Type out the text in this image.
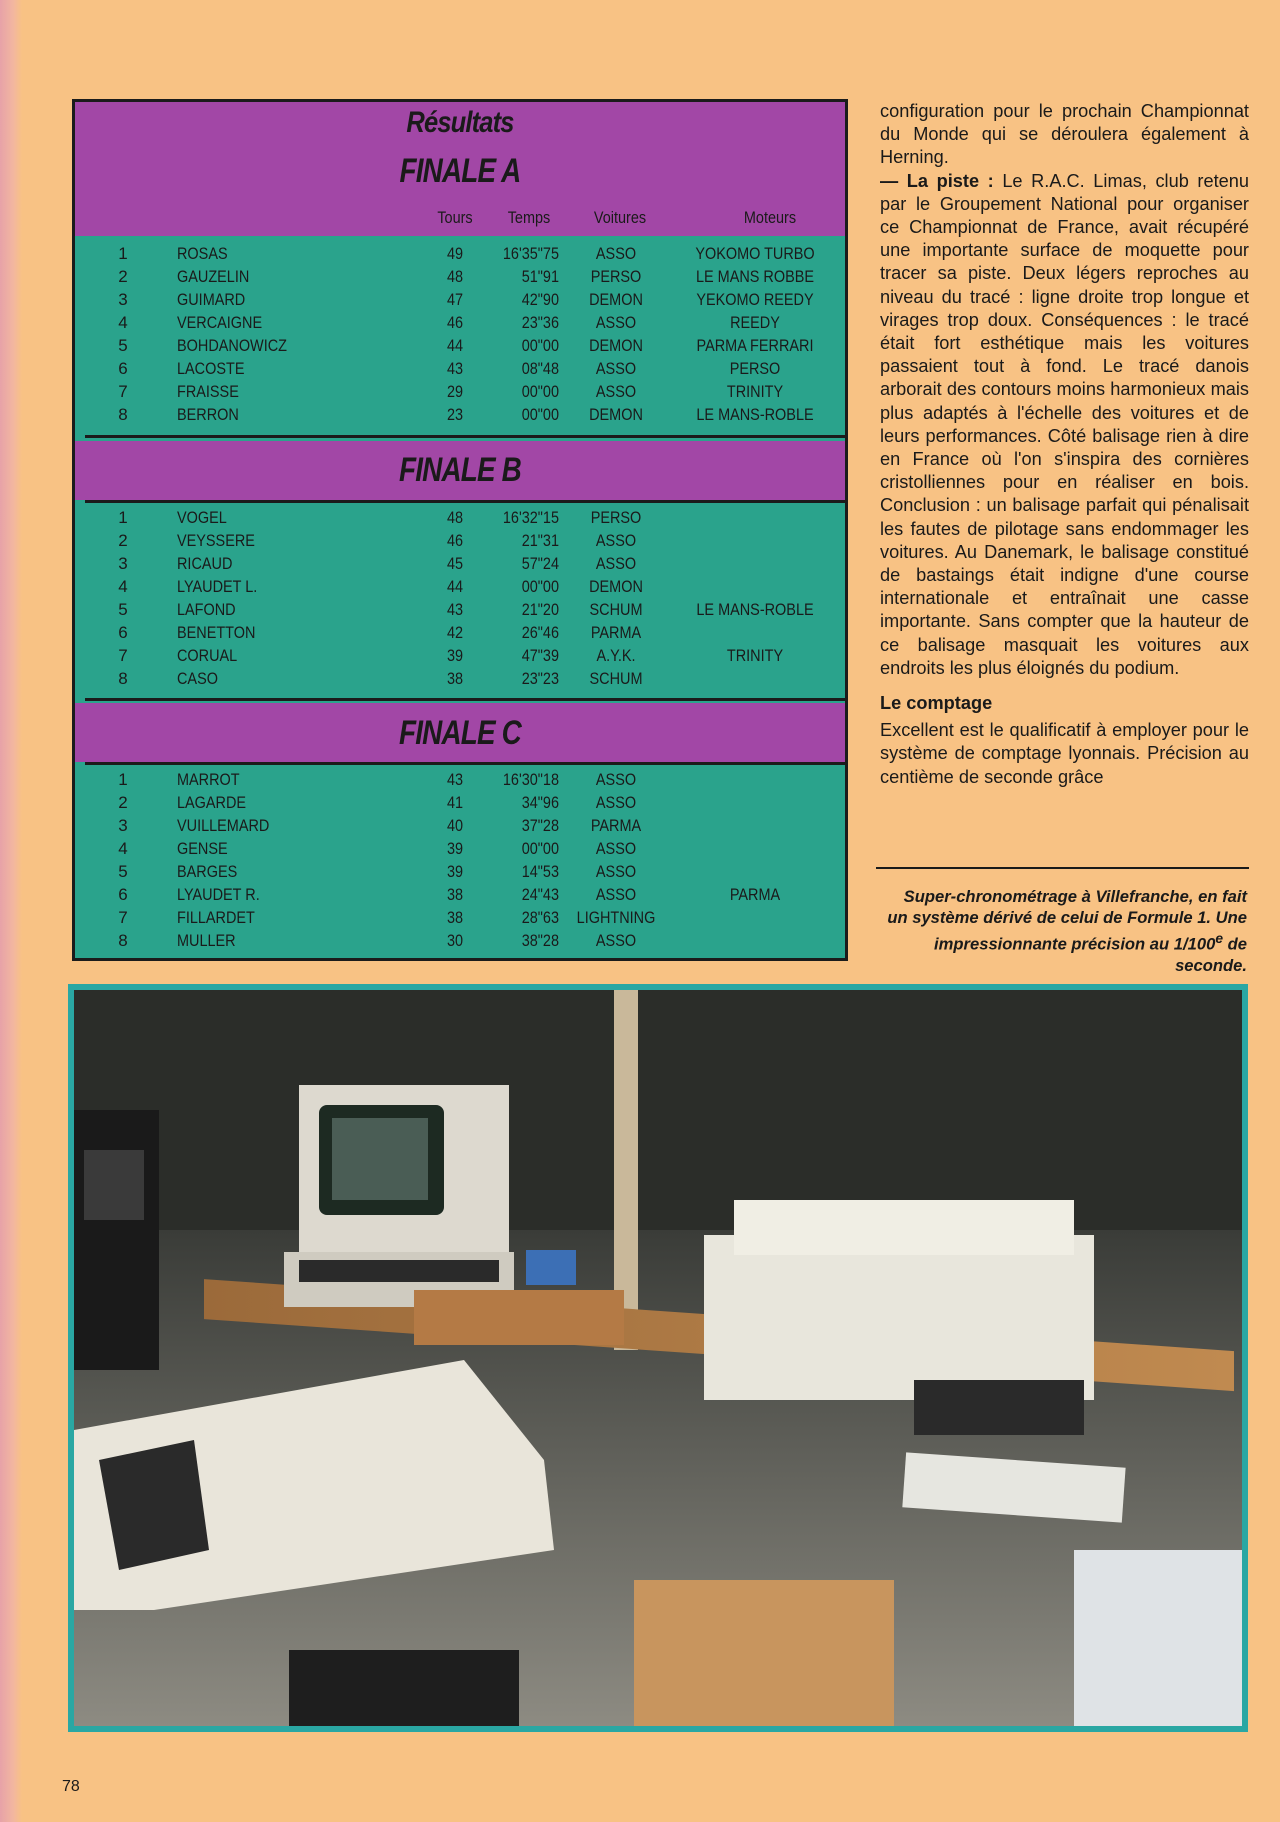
Résultats
FINALE A
FINALE B
FINALE C
Tours	Temps	Voitures	Moteurs
1	ROSAS	49	16'35"75	ASSO	YOKOMO TURBO
2	GAUZELIN	48	51"91	PERSO	LE MANS ROBBE
3	GUIMARD	47	42"90	DEMON	YEKOMO REEDY
4	VERCAIGNE	46	23"36	ASSO	REEDY
5	BOHDANOWICZ	44	00"00	DEMON	PARMA FERRARI
6	LACOSTE	43	08"48	ASSO	PERSO
7	FRAISSE	29	00"00	ASSO	TRINITY
8	BERRON	23	00"00	DEMON	LE MANS-ROBLE
1	VOGEL	48	16'32"15	PERSO
2	VEYSSERE	46	21"31	ASSO
3	RICAUD	45	57"24	ASSO
4	LYAUDET L.	44	00"00	DEMON
5	LAFOND	43	21"20	SCHUM	LE MANS-ROBLE
6	BENETTON	42	26"46	PARMA
7	CORUAL	39	47"39	A.Y.K.	TRINITY
8	CASO	38	23"23	SCHUM
1	MARROT	43	16'30"18	ASSO
2	LAGARDE	41	34"96	ASSO
3	VUILLEMARD	40	37"28	PARMA
4	GENSE	39	00"00	ASSO
5	BARGES	39	14"53	ASSO
6	LYAUDET R.	38	24"43	ASSO	PARMA
7	FILLARDET	38	28"63	LIGHTNING
8	MULLER	30	38"28	ASSO

configuration pour le prochain Championnat du Monde qui se déroulera également à Herning.

— La piste : Le R.A.C. Limas, club retenu par le Groupement National pour organiser ce Championnat de France, avait récupéré une importante surface de moquette pour tracer sa piste. Deux légers reproches au niveau du tracé : ligne droite trop longue et virages trop doux. Conséquences : le tracé était fort esthétique mais les voitures passaient tout à fond. Le tracé danois arborait des contours moins harmonieux mais plus adaptés à l'échelle des voitures et de leurs performances. Côté balisage rien à dire en France où l'on s'inspira des cornières cristolliennes pour en réaliser en bois. Conclusion : un balisage parfait qui pénalisait les fautes de pilotage sans endommager les voitures. Au Danemark, le balisage constitué de bastaings était indigne d'une course internationale et entraînait une casse importante. Sans compter que la hauteur de ce balisage masquait les voitures aux endroits les plus éloignés du podium.

Le comptage

Excellent est le qualificatif à employer pour le système de comptage lyonnais. Précision au centième de seconde grâce

Super-chronométrage à Villefranche, en fait un système dérivé de celui de Formule 1. Une impressionnante précision au 1/100e de seconde.
78
